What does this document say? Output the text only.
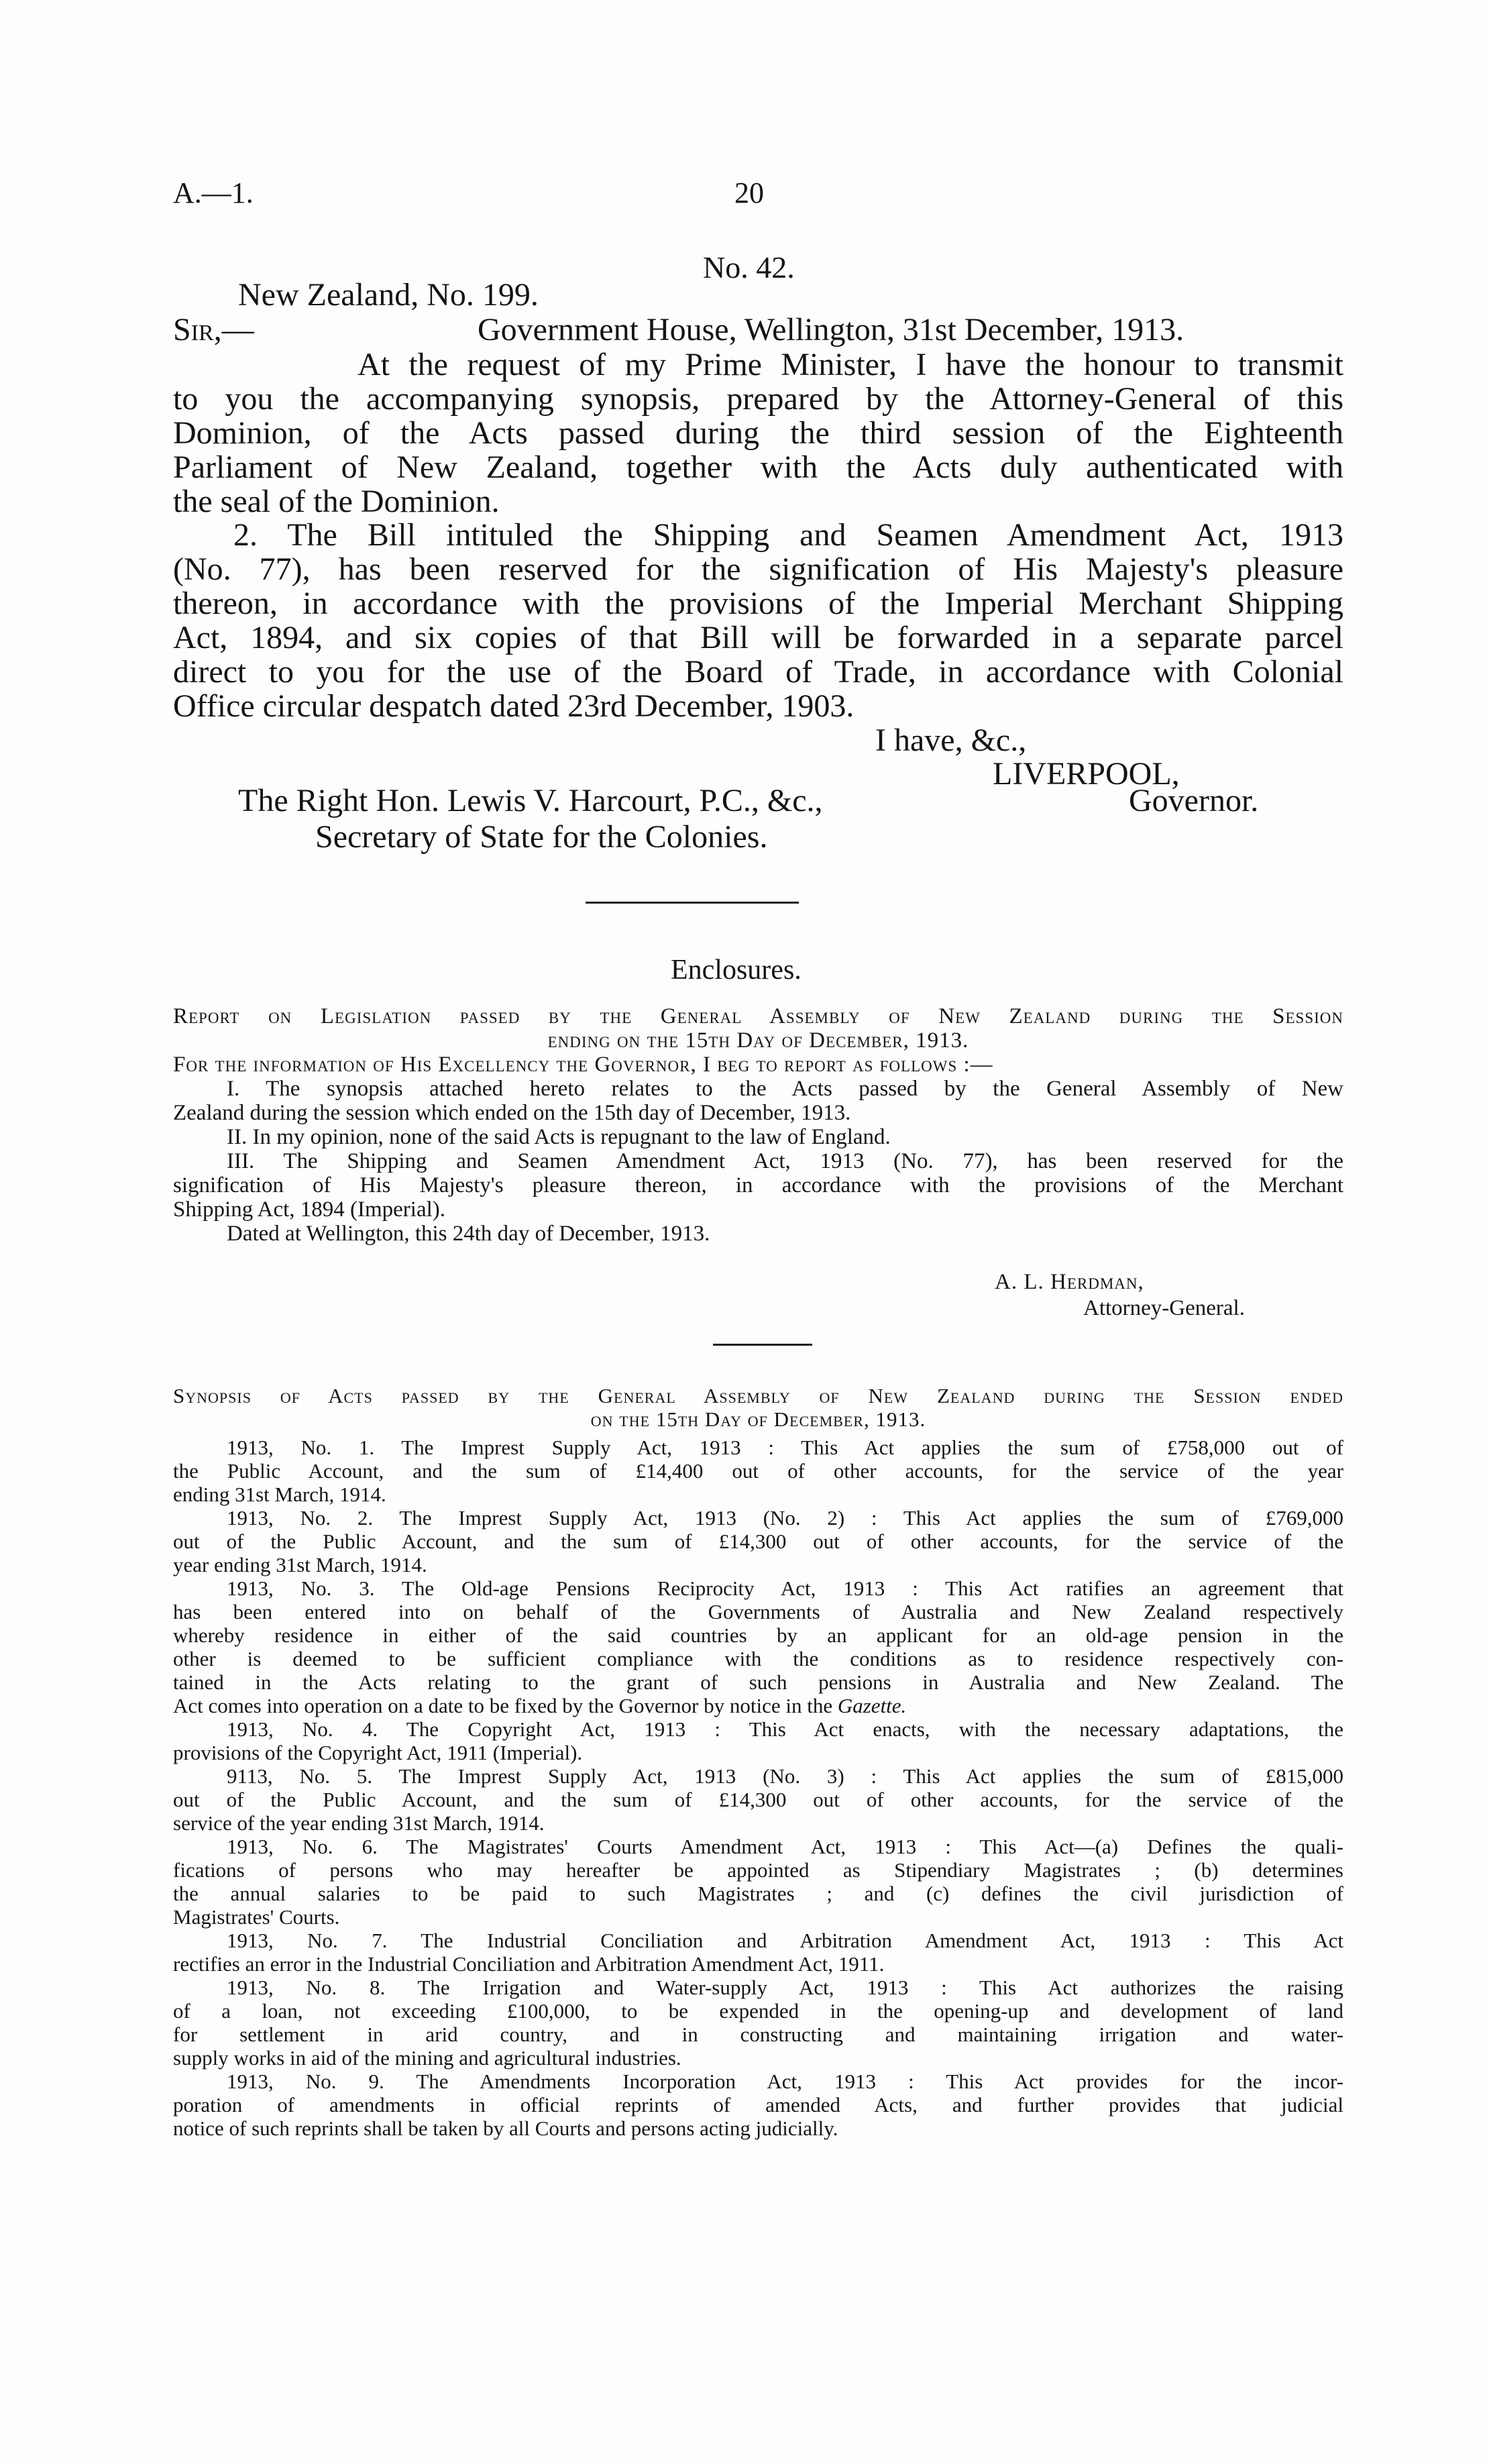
A.—1.	20
No. 42.
New Zealand, No. 199.
Sir,—	Government House, Wellington, 31st December, 1913.
At the request of my Prime Minister, I have the honour to transmit
to you the accompanying synopsis, prepared by the Attorney-General of this
Dominion, of the Acts passed during the third session of the Eighteenth
Parliament of New Zealand, together with the Acts duly authenticated with
the seal of the Dominion.
2. The Bill intituled the Shipping and Seamen Amendment Act, 1913
(No. 77), has been reserved for the signification of His Majesty's pleasure
thereon, in accordance with the provisions of the Imperial Merchant Shipping
Act, 1894, and six copies of that Bill will be forwarded in a separate parcel
direct to you for the use of the Board of Trade, in accordance with Colonial
Office circular despatch dated 23rd December, 1903.
I have, &c.,
LIVERPOOL,
The Right Hon. Lewis V. Harcourt, P.C., &c.,	Governor.
Secretary of State for the Colonies.
Enclosures.
Report on Legislation passed by the General Assembly of New Zealand during the Session
ending on the 15th Day of December, 1913.
For the information of His Excellency the Governor, I beg to report as follows :—
I. The synopsis attached hereto relates to the Acts passed by the General Assembly of New
Zealand during the session which ended on the 15th day of December, 1913.
II. In my opinion, none of the said Acts is repugnant to the law of England.
III. The Shipping and Seamen Amendment Act, 1913 (No. 77), has been reserved for the
signification of His Majesty's pleasure thereon, in accordance with the provisions of the Merchant
Shipping Act, 1894 (Imperial).
Dated at Wellington, this 24th day of December, 1913.
A. L. Herdman,
Attorney-General.
Synopsis of Acts passed by the General Assembly of New Zealand during the Session ended
on the 15th Day of December, 1913.
1913, No. 1. The Imprest Supply Act, 1913 : This Act applies the sum of £758,000 out of
the Public Account, and the sum of £14,400 out of other accounts, for the service of the year
ending 31st March, 1914.
1913, No. 2. The Imprest Supply Act, 1913 (No. 2) : This Act applies the sum of £769,000
out of the Public Account, and the sum of £14,300 out of other accounts, for the service of the
year ending 31st March, 1914.
1913, No. 3. The Old-age Pensions Reciprocity Act, 1913 : This Act ratifies an agreement that
has been entered into on behalf of the Governments of Australia and New Zealand respectively
whereby residence in either of the said countries by an applicant for an old-age pension in the
other is deemed to be sufficient compliance with the conditions as to residence respectively con-
tained in the Acts relating to the grant of such pensions in Australia and New Zealand. The
Act comes into operation on a date to be fixed by the Governor by notice in the Gazette.
1913, No. 4. The Copyright Act, 1913 : This Act enacts, with the necessary adaptations, the
provisions of the Copyright Act, 1911 (Imperial).
9113, No. 5. The Imprest Supply Act, 1913 (No. 3) : This Act applies the sum of £815,000
out of the Public Account, and the sum of £14,300 out of other accounts, for the service of the
service of the year ending 31st March, 1914.
1913, No. 6. The Magistrates' Courts Amendment Act, 1913 : This Act—(a) Defines the quali-
fications of persons who may hereafter be appointed as Stipendiary Magistrates ; (b) determines
the annual salaries to be paid to such Magistrates ; and (c) defines the civil jurisdiction of
Magistrates' Courts.
1913, No. 7. The Industrial Conciliation and Arbitration Amendment Act, 1913 : This Act
rectifies an error in the Industrial Conciliation and Arbitration Amendment Act, 1911.
1913, No. 8. The Irrigation and Water-supply Act, 1913 : This Act authorizes the raising
of a loan, not exceeding £100,000, to be expended in the opening-up and development of land
for settlement in arid country, and in constructing and maintaining irrigation and water-
supply works in aid of the mining and agricultural industries.
1913, No. 9. The Amendments Incorporation Act, 1913 : This Act provides for the incor-
poration of amendments in official reprints of amended Acts, and further provides that judicial
notice of such reprints shall be taken by all Courts and persons acting judicially.
